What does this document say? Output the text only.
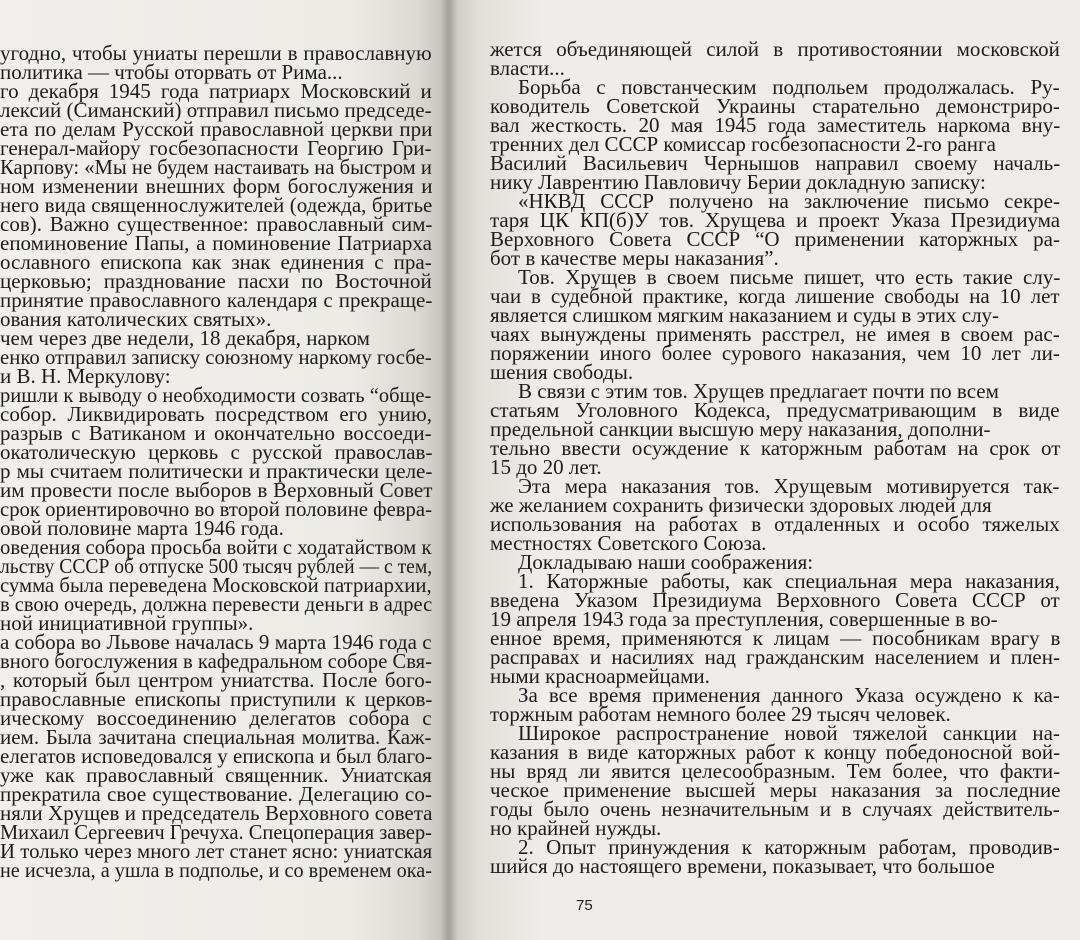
угодно, чтобы униаты перешли в православную
политика — чтобы оторвать от Рима...
го декабря 1945 года патриарх Московский и
лексий (Симанский) отправил письмо председе-
ета по делам Русской православной церкви при
генерал-майору госбезопасности Георгию Гри-
Карпову: «Мы не будем настаивать на быстром и
ном изменении внешних форм богослужения и
него вида священнослужителей (одежда, бритье
сов). Важно существенное: православный сим-
епоминовение Папы, а поминовение Патриарха
ославного епископа как знак единения с пра-
церковью; празднование пасхи по Восточной
принятие православного календаря с прекраще-
ования католических святых».
чем через две недели, 18 декабря, нарком
енко отправил записку союзному наркому госбе-
и В. Н. Меркулову:
ришли к выводу о необходимости созвать “обще-
собор. Ликвидировать посредством его унию,
разрыв с Ватиканом и окончательно воссоеди-
окатолическую церковь с русской православ-
р мы считаем политически и практически целе-
им провести после выборов в Верховный Совет
срок ориентировочно во второй половине февра-
овой половине марта 1946 года.
оведения собора просьба войти с ходатайством к
льству СССР об отпуске 500 тысяч рублей — с тем,
сумма была переведена Московской патриархии,
в свою очередь, должна перевести деньги в адрес
ной инициативной группы».
а собора во Львове началась 9 марта 1946 года с
вного богослужения в кафедральном соборе Свя-
, который был центром униатства. После бого-
православные епископы приступили к церков-
ическому воссоединению делегатов собора с
ием. Была зачитана специальная молитва. Каж-
елегатов исповедовался у епископа и был благо-
уже как православный священник. Униатская
прекратила свое существование. Делегацию со-
няли Хрущев и председатель Верховного совета
Михаил Сергеевич Гречуха. Спецоперация завер-
И только через много лет станет ясно: униатская
не исчезла, а ушла в подполье, и со временем ока-
жется объединяющей силой в противостоянии московской
власти...
Борьба с повстанческим подпольем продолжалась. Ру-
ководитель Советской Украины старательно демонстриро-
вал жесткость. 20 мая 1945 года заместитель наркома вну-
тренних дел СССР комиссар госбезопасности 2-го ранга
Василий Васильевич Чернышов направил своему началь-
нику Лаврентию Павловичу Берии докладную записку:
«НКВД СССР получено на заключение письмо секре-
таря ЦК КП(б)У тов. Хрущева и проект Указа Президиума
Верховного Совета СССР “О применении каторжных ра-
бот в качестве меры наказания”.
Тов. Хрущев в своем письме пишет, что есть такие слу-
чаи в судебной практике, когда лишение свободы на 10 лет
является слишком мягким наказанием и суды в этих слу-
чаях вынуждены применять расстрел, не имея в своем рас-
поряжении иного более сурового наказания, чем 10 лет ли-
шения свободы.
В связи с этим тов. Хрущев предлагает почти по всем
статьям Уголовного Кодекса, предусматривающим в виде
предельной санкции высшую меру наказания, дополни-
тельно ввести осуждение к каторжным работам на срок от
15 до 20 лет.
Эта мера наказания тов. Хрущевым мотивируется так-
же желанием сохранить физически здоровых людей для
использования на работах в отдаленных и особо тяжелых
местностях Советского Союза.
Докладываю наши соображения:
1. Каторжные работы, как специальная мера наказания,
введена Указом Президиума Верховного Совета СССР от
19 апреля 1943 года за преступления, совершенные в во-
енное время, применяются к лицам — пособникам врагу в
расправах и насилиях над гражданским населением и плен-
ными красноармейцами.
За все время применения данного Указа осуждено к ка-
торжным работам немного более 29 тысяч человек.
Широкое распространение новой тяжелой санкции на-
казания в виде каторжных работ к концу победоносной вой-
ны вряд ли явится целесообразным. Тем более, что факти-
ческое применение высшей меры наказания за последние
годы было очень незначительным и в случаях действитель-
но крайней нужды.
2. Опыт принуждения к каторжным работам, проводив-
шийся до настоящего времени, показывает, что большое
75
